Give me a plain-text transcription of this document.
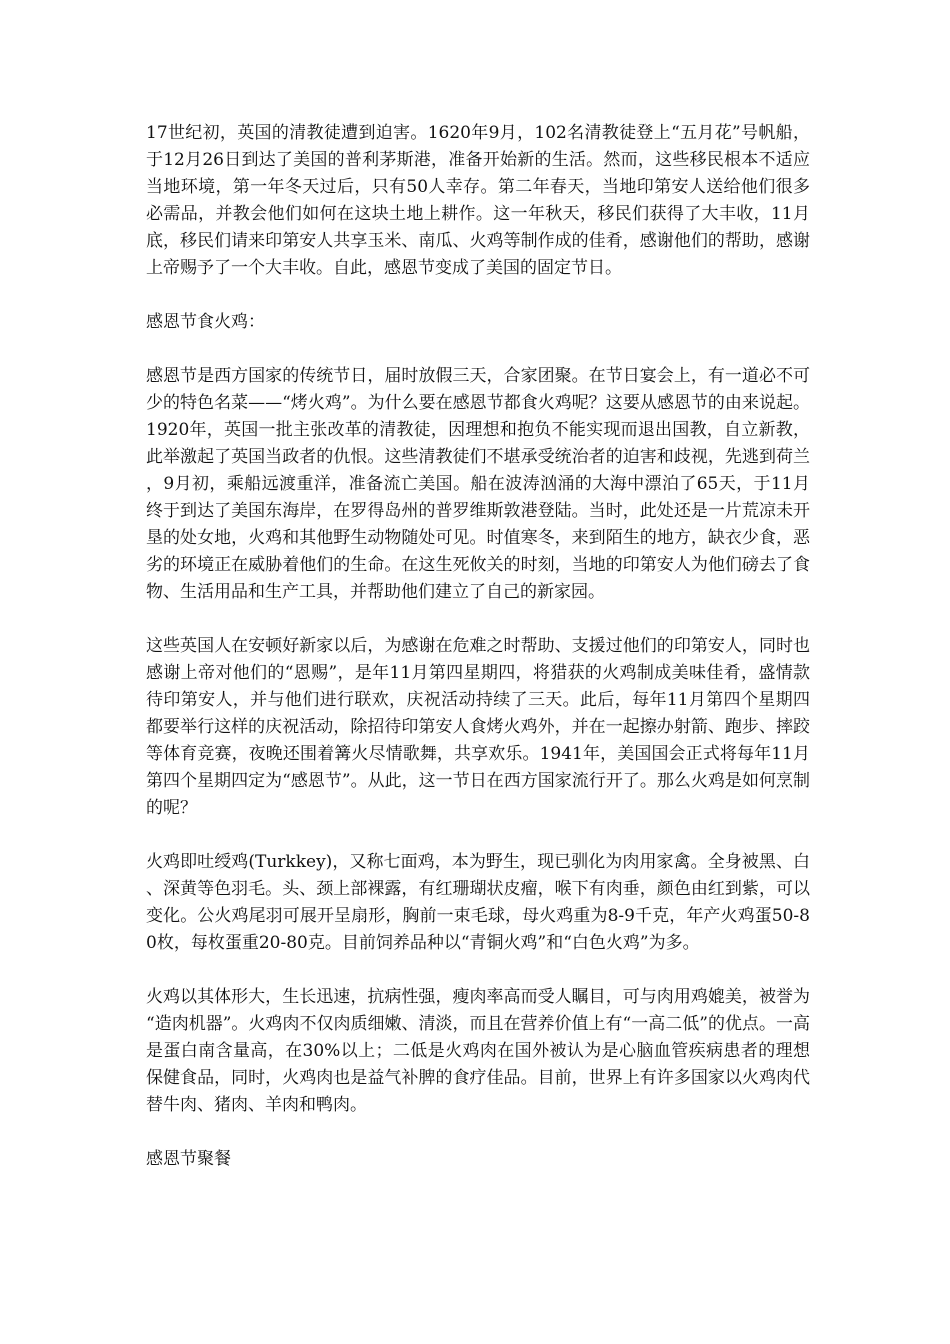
17世纪初，英国的清教徒遭到迫害。1620年9月，102名清教徒登上“五月花”号帆船，于12月26日到达了美国的普利茅斯港，准备开始新的生活。然而，这些移民根本不适应当地环境，第一年冬天过后，只有50人幸存。第二年春天，当地印第安人送给他们很多必需品，并教会他们如何在这块土地上耕作。这一年秋天，移民们获得了大丰收，11月底，移民们请来印第安人共享玉米、南瓜、火鸡等制作成的佳肴，感谢他们的帮助，感谢上帝赐予了一个大丰收。自此，感恩节变成了美国的固定节日。

感恩节食火鸡：

感恩节是西方国家的传统节日，届时放假三天，合家团聚。在节日宴会上，有一道必不可少的特色名菜——“烤火鸡”。为什么要在感恩节都食火鸡呢？这要从感恩节的由来说起。1920年，英国一批主张改革的清教徒，因理想和抱负不能实现而退出国教，自立新教，此举激起了英国当政者的仇恨。这些清教徒们不堪承受统治者的迫害和歧视，先逃到荷兰，9月初，乘船远渡重洋，准备流亡美国。船在波涛汹涌的大海中漂泊了65天，于11月终于到达了美国东海岸，在罗得岛州的普罗维斯敦港登陆。当时，此处还是一片荒凉未开垦的处女地，火鸡和其他野生动物随处可见。时值寒冬，来到陌生的地方，缺衣少食，恶劣的环境正在威胁着他们的生命。在这生死攸关的时刻，当地的印第安人为他们磅去了食物、生活用品和生产工具，并帮助他们建立了自己的新家园。

这些英国人在安顿好新家以后，为感谢在危难之时帮助、支援过他们的印第安人，同时也感谢上帝对他们的“恩赐”，是年11月第四星期四，将猎获的火鸡制成美味佳肴，盛情款待印第安人，并与他们进行联欢，庆祝活动持续了三天。此后，每年11月第四个星期四都要举行这样的庆祝活动，除招待印第安人食烤火鸡外，并在一起擦办射箭、跑步、摔跤等体育竞赛，夜晚还围着篝火尽情歌舞，共享欢乐。1941年，美国国会正式将每年11月第四个星期四定为“感恩节”。从此，这一节日在西方国家流行开了。那么火鸡是如何烹制的呢？

火鸡即吐绶鸡(Turkkey)，又称七面鸡，本为野生，现已驯化为肉用家禽。全身被黑、白、深黄等色羽毛。头、颈上部裸露，有红珊瑚状皮瘤，喉下有肉垂，颜色由红到紫，可以变化。公火鸡尾羽可展开呈扇形，胸前一束毛球，母火鸡重为8-9千克，年产火鸡蛋50-80枚，每枚蛋重20-80克。目前饲养品种以“青铜火鸡”和“白色火鸡”为多。

火鸡以其体形大，生长迅速，抗病性强，瘦肉率高而受人瞩目，可与肉用鸡媲美，被誉为“造肉机器”。火鸡肉不仅肉质细嫩、清淡，而且在营养价值上有“一高二低”的优点。一高是蛋白南含量高，在30%以上；二低是火鸡肉在国外被认为是心脑血管疾病患者的理想保健食品，同时，火鸡肉也是益气补脾的食疗佳品。目前，世界上有许多国家以火鸡肉代替牛肉、猪肉、羊肉和鸭肉。

感恩节聚餐
